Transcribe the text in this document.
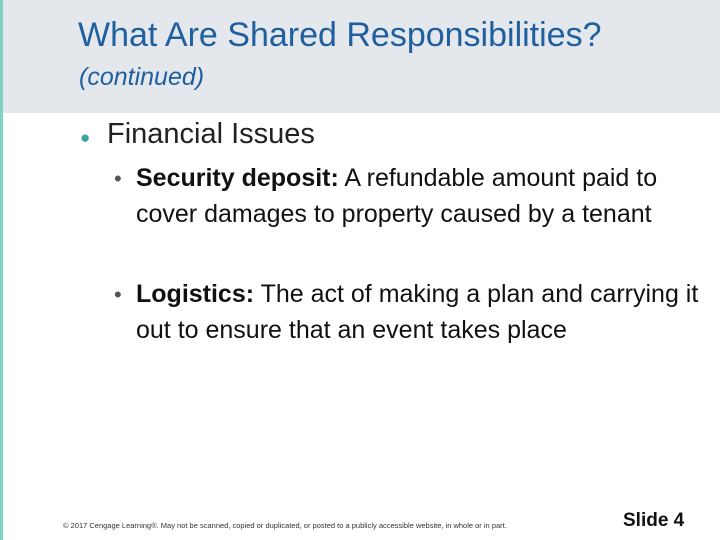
What Are Shared Responsibilities?
(continued)
● Financial Issues
• Security deposit: A refundable amount paid to cover damages to property caused by a tenant
• Logistics: The act of making a plan and carrying it out to ensure that an event takes place
© 2017 Cengage Learning®. May not be scanned, copied or duplicated, or posted to a publicly accessible website, in whole or in part.	Slide 4
